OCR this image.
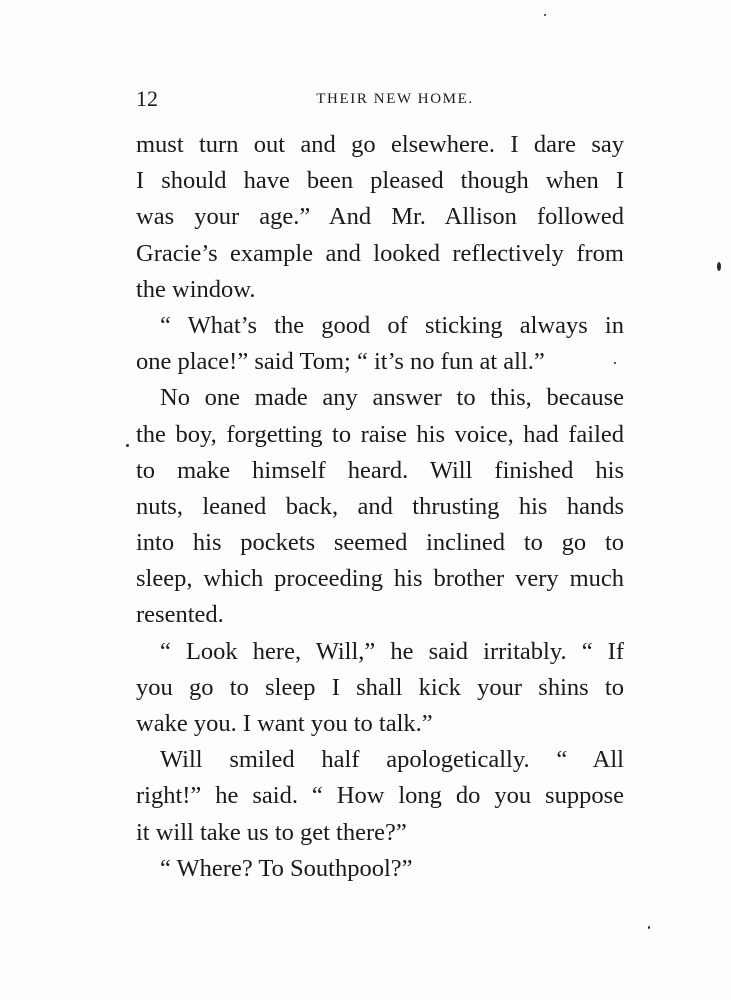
12	THEIR NEW HOME.
must turn out and go elsewhere. I dare say
I should have been pleased though when I
was your age.” And Mr. Allison followed
Gracie’s example and looked reflectively from
the window.
“ What’s the good of sticking always in
one place!” said Tom; “ it’s no fun at all.”
No one made any answer to this, because
the boy, forgetting to raise his voice, had failed
to make himself heard. Will finished his
nuts, leaned back, and thrusting his hands
into his pockets seemed inclined to go to
sleep, which proceeding his brother very much
resented.
“ Look here, Will,” he said irritably. “ If
you go to sleep I shall kick your shins to
wake you. I want you to talk.”
Will smiled half apologetically. “ All
right!” he said. “ How long do you suppose
it will take us to get there?”
“ Where? To Southpool?”
